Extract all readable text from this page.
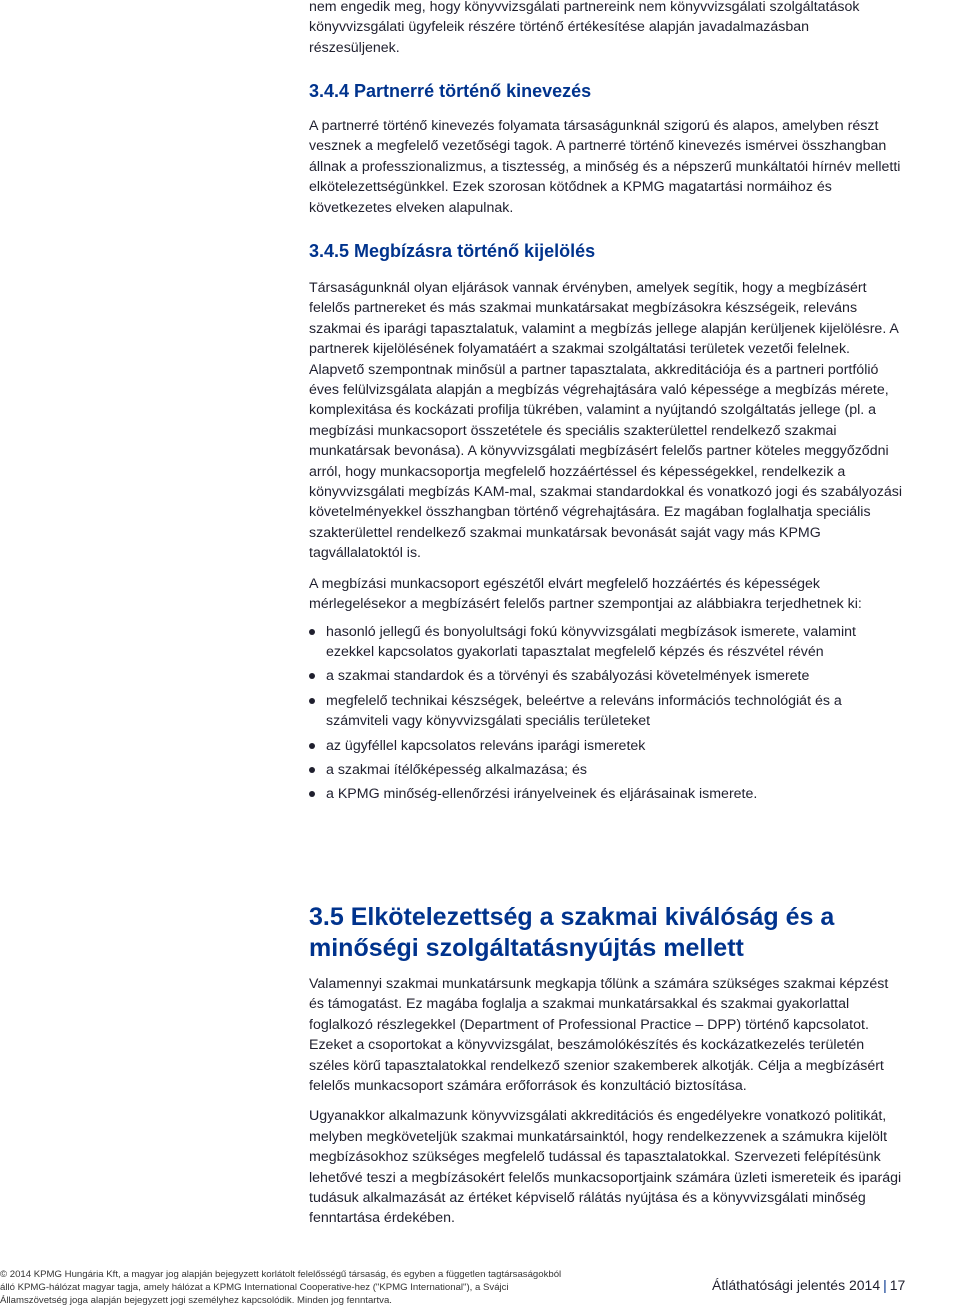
nem engedik meg, hogy könyvvizsgálati partnereink nem könyvvizsgálati szolgáltatások könyvvizsgálati ügyfeleik részére történő értékesítése alapján javadalmazásban részesüljenek.

3.4.4 Partnerré történő kinevezés

A partnerré történő kinevezés folyamata társaságunknál szigorú és alapos, amelyben részt vesznek a megfelelő vezetőségi tagok. A partnerré történő kinevezés ismérvei összhangban állnak a professzionalizmus, a tisztesség, a minőség és a népszerű munkáltatói hírnév melletti elkötelezettségünkkel. Ezek szorosan kötődnek a KPMG magatartási normáihoz és következetes elveken alapulnak.

3.4.5 Megbízásra történő kijelölés

Társaságunknál olyan eljárások vannak érvényben, amelyek segítik, hogy a megbízásért felelős partnereket és más szakmai munkatársakat megbízásokra készségeik, releváns szakmai és iparági tapasztalatuk, valamint a megbízás jellege alapján kerüljenek kijelölésre. A partnerek kijelölésének folyamatáért a szakmai szolgáltatási területek vezetői felelnek. Alapvető szempontnak minősül a partner tapasztalata, akkreditációja és a partneri portfólió éves felülvizsgálata alapján a megbízás végrehajtására való képessége a megbízás mérete, komplexitása és kockázati profilja tükrében, valamint a nyújtandó szolgáltatás jellege (pl. a megbízási munkacsoport összetétele és speciális szakterülettel rendelkező szakmai munkatársak bevonása). A könyvvizsgálati megbízásért felelős partner köteles meggyőződni arról, hogy munkacsoportja megfelelő hozzáértéssel és képességekkel, rendelkezik a könyvvizsgálati megbízás KAM-mal, szakmai standardokkal és vonatkozó jogi és szabályozási követelményekkel összhangban történő végrehajtására. Ez magában foglalhatja speciális szakterülettel rendelkező szakmai munkatársak bevonását saját vagy más KPMG tagvállalatoktól is.

A megbízási munkacsoport egészétől elvárt megfelelő hozzáértés és képességek mérlegelésekor a megbízásért felelős partner szempontjai az alábbiakra terjedhetnek ki:

hasonló jellegű és bonyolultsági fokú könyvvizsgálati megbízások ismerete, valamint ezekkel kapcsolatos gyakorlati tapasztalat megfelelő képzés és részvétel révén
a szakmai standardok és a törvényi és szabályozási követelmények ismerete
megfelelő technikai készségek, beleértve a releváns információs technológiát és a számviteli vagy könyvvizsgálati speciális területeket
az ügyféllel kapcsolatos releváns iparági ismeretek
a szakmai ítélőképesség alkalmazása; és
a KPMG minőség-ellenőrzési irányelveinek és eljárásainak ismerete.
3.5 Elkötelezettség a szakmai kiválóság és a minőségi szolgáltatásnyújtás mellett

Valamennyi szakmai munkatársunk megkapja tőlünk a számára szükséges szakmai képzést és támogatást. Ez magába foglalja a szakmai munkatársakkal és szakmai gyakorlattal foglalkozó részlegekkel (Department of Professional Practice – DPP) történő kapcsolatot. Ezeket a csoportokat a könyvvizsgálat, beszámolókészítés és kockázatkezelés területén széles körű tapasztalatokkal rendelkező szenior szakemberek alkotják. Célja a megbízásért felelős munkacsoport számára erőforrások és konzultáció biztosítása.

Ugyanakkor alkalmazunk könyvvizsgálati akkreditációs és engedélyekre vonatkozó politikát, melyben megköveteljük szakmai munkatársainktól, hogy rendelkezzenek a számukra kijelölt megbízásokhoz szükséges megfelelő tudással és tapasztalatokkal. Szervezeti felépítésünk lehetővé teszi a megbízásokért felelős munkacsoportjaink számára üzleti ismereteik és iparági tudásuk alkalmazását az értéket képviselő rálátás nyújtása és a könyvvizsgálati minőség fenntartása érdekében.

© 2014 KPMG Hungária Kft, a magyar jog alapján bejegyzett korlátolt felelősségű társaság, és egyben a független tagtársaságokból
álló KPMG-hálózat magyar tagja, amely hálózat a KPMG International Cooperative-hez ("KPMG International"), a Svájci
Államszövetség joga alapján bejegyzett jogi személyhez kapcsolódik. Minden jog fenntartva.
Átláthatósági jelentés 2014 | 17
